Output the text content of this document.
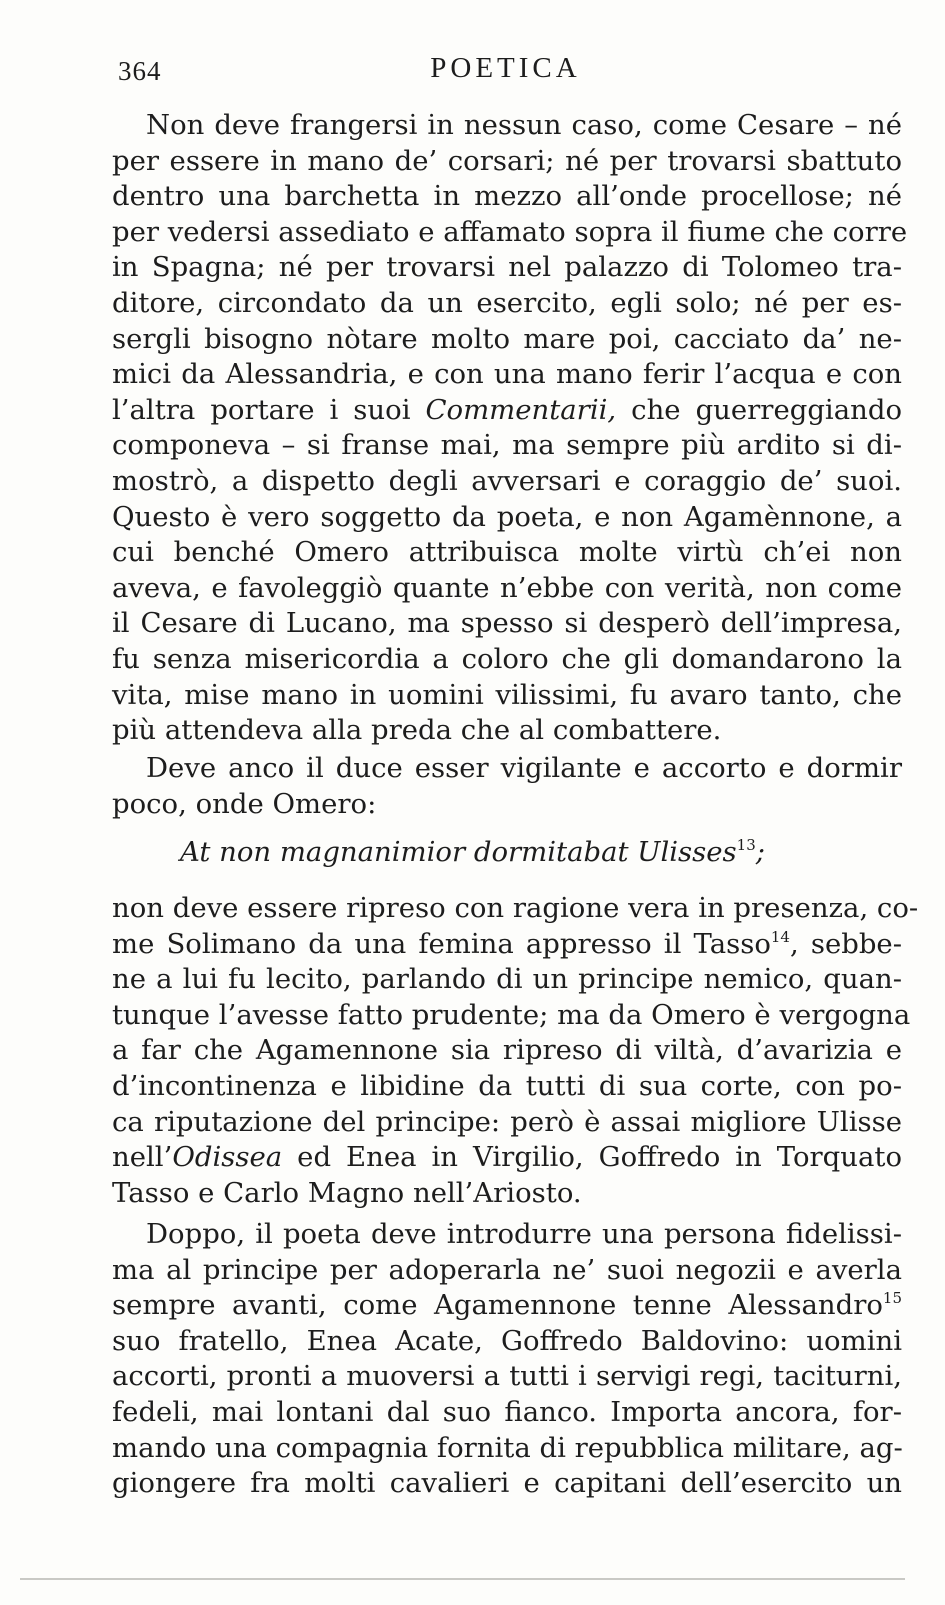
364	POETICA
Non deve frangersi in nessun caso, come Cesare – né
per essere in mano de’ corsari; né per trovarsi sbattuto
dentro una barchetta in mezzo all’onde procellose; né
per vedersi assediato e affamato sopra il fiume che corre
in Spagna; né per trovarsi nel palazzo di Tolomeo tra-
ditore, circondato da un esercito, egli solo; né per es-
sergli bisogno nòtare molto mare poi, cacciato da’ ne-
mici da Alessandria, e con una mano ferir l’acqua e con
l’altra portare i suoi Commentarii, che guerreggiando
componeva – si franse mai, ma sempre più ardito si di-
mostrò, a dispetto degli avversari e coraggio de’ suoi.
Questo è vero soggetto da poeta, e non Agamènnone, a
cui benché Omero attribuisca molte virtù ch’ei non
aveva, e favoleggiò quante n’ebbe con verità, non come
il Cesare di Lucano, ma spesso si desperò dell’impresa,
fu senza misericordia a coloro che gli domandarono la
vita, mise mano in uomini vilissimi, fu avaro tanto, che
più attendeva alla preda che al combattere.
Deve anco il duce esser vigilante e accorto e dormir
poco, onde Omero:
At non magnanimior dormitabat Ulisses$^{13}$;
non deve essere ripreso con ragione vera in presenza, co-
me Solimano da una femina appresso il Tasso$^{14}$, sebbe-
ne a lui fu lecito, parlando di un principe nemico, quan-
tunque l’avesse fatto prudente; ma da Omero è vergogna
a far che Agamennone sia ripreso di viltà, d’avarizia e
d’incontinenza e libidine da tutti di sua corte, con po-
ca riputazione del principe: però è assai migliore Ulisse
nell’Odissea ed Enea in Virgilio, Goffredo in Torquato
Tasso e Carlo Magno nell’Ariosto.
Doppo, il poeta deve introdurre una persona fidelissi-
ma al principe per adoperarla ne’ suoi negozii e averla
sempre avanti, come Agamennone tenne Alessandro$^{15}$
suo fratello, Enea Acate, Goffredo Baldovino: uomini
accorti, pronti a muoversi a tutti i servigi regi, taciturni,
fedeli, mai lontani dal suo fianco. Importa ancora, for-
mando una compagnia fornita di repubblica militare, ag-
giongere fra molti cavalieri e capitani dell’esercito un
